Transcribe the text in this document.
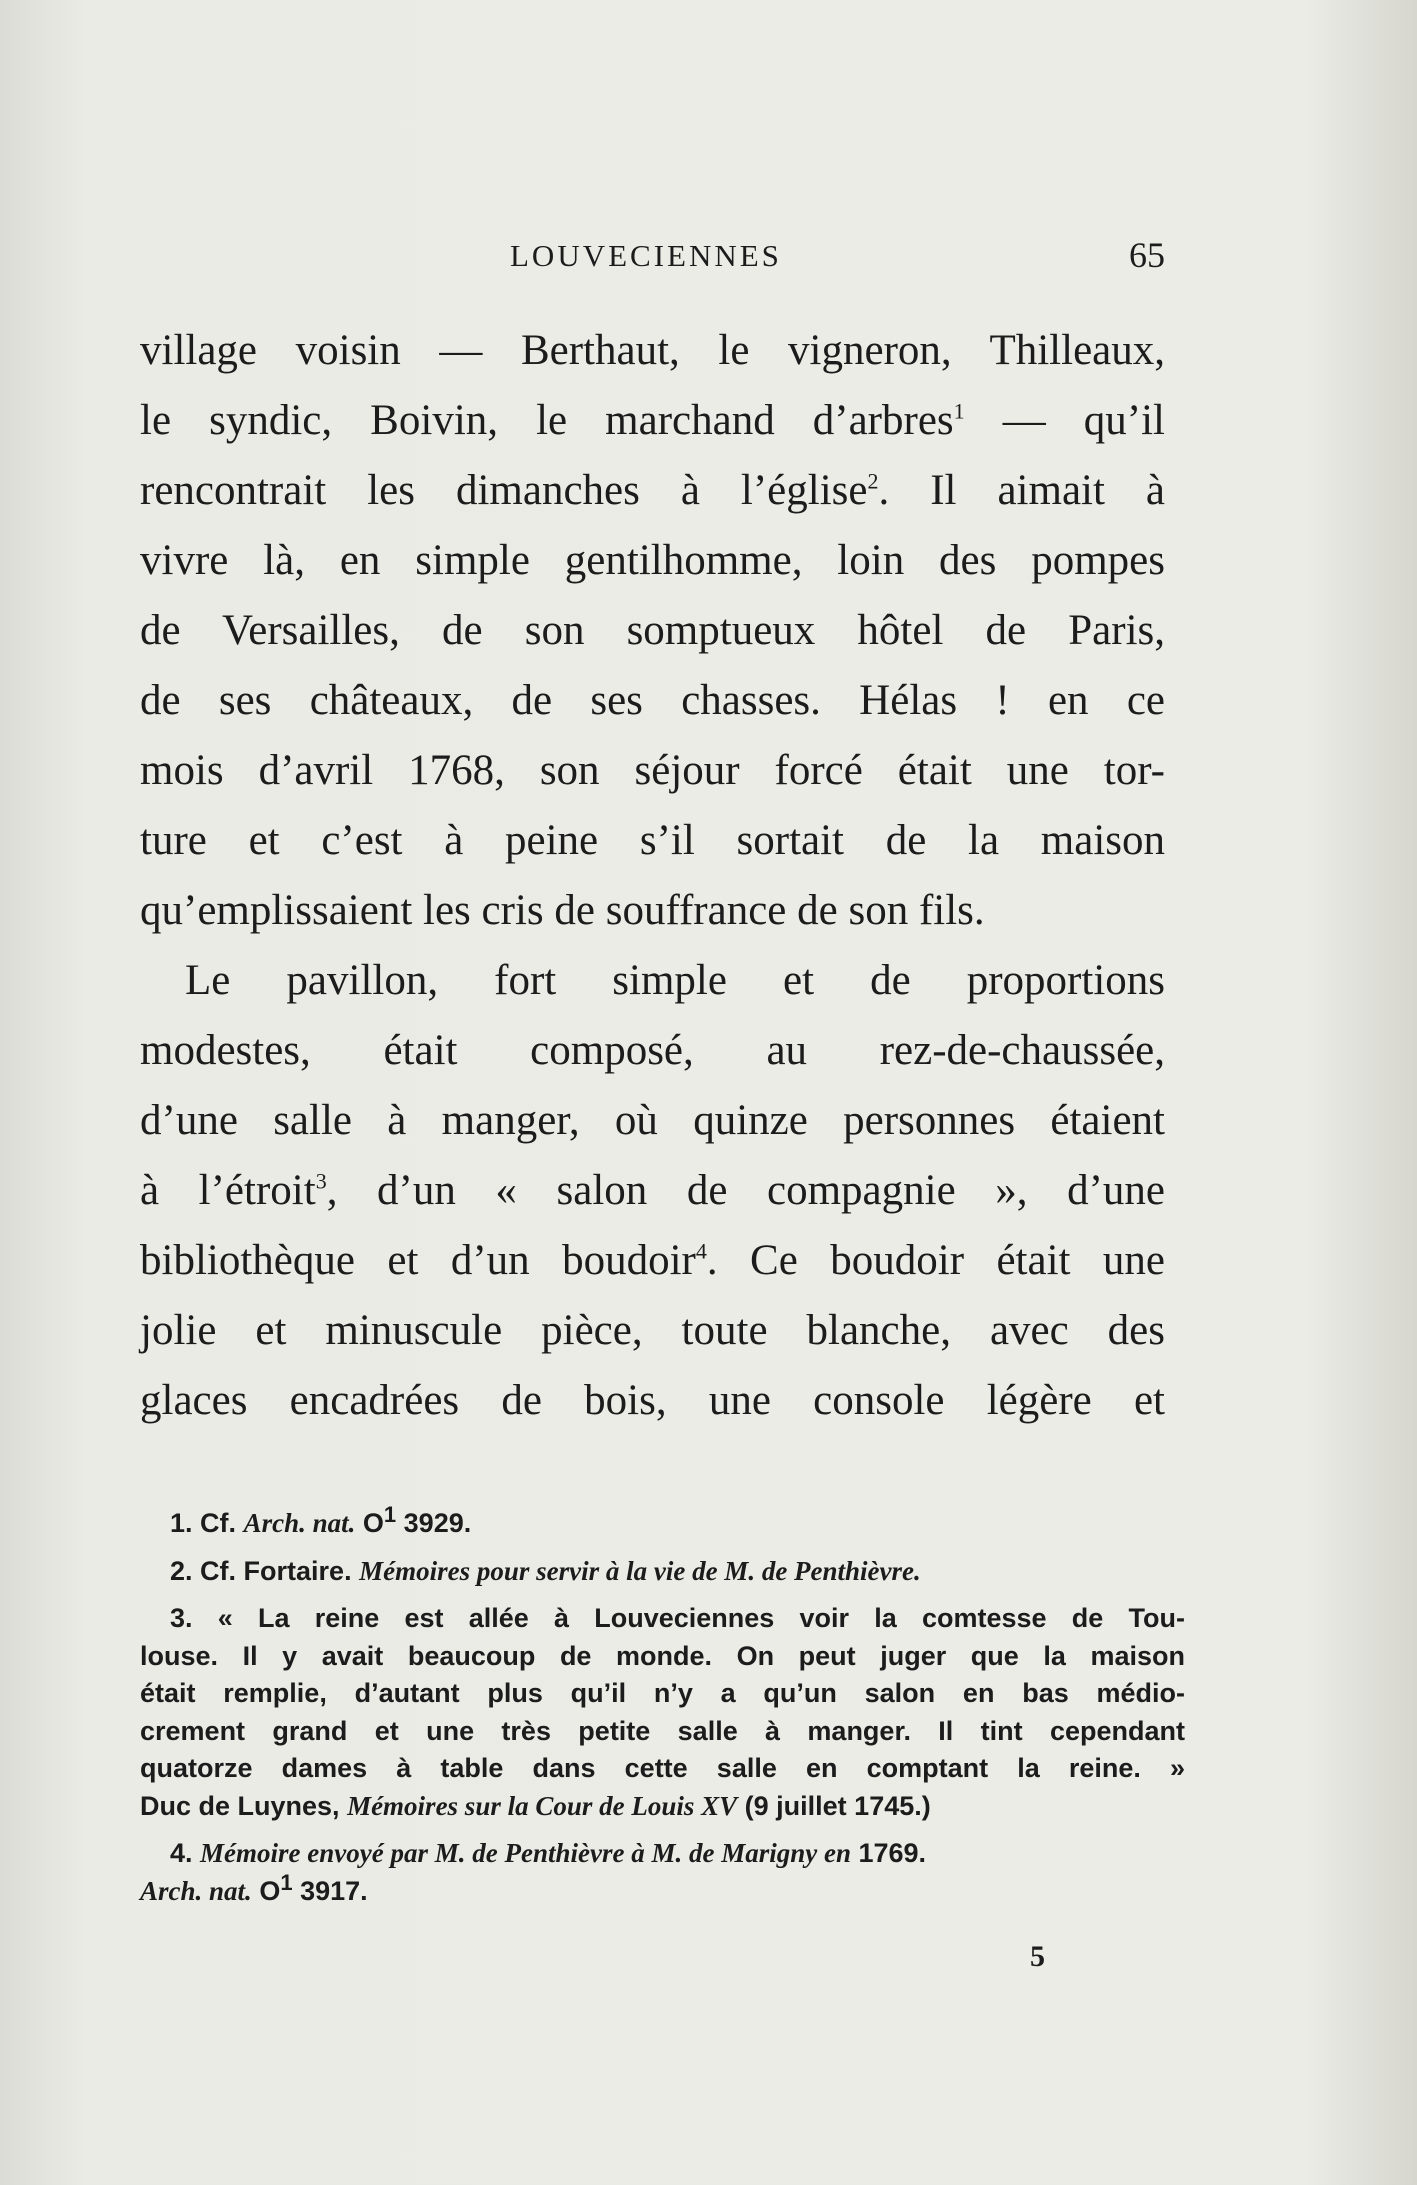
LOUVECIENNES	65
village voisin — Berthaut, le vigneron, Thilleaux,
le syndic, Boivin, le marchand d’arbres$^1$ — qu’il
rencontrait les dimanches à l’église$^2$. Il aimait à
vivre là, en simple gentilhomme, loin des pompes
de Versailles, de son somptueux hôtel de Paris,
de ses châteaux, de ses chasses. Hélas ! en ce
mois d’avril 1768, son séjour forcé était une tor-
ture et c’est à peine s’il sortait de la maison
qu’emplissaient les cris de souffrance de son fils.
Le pavillon, fort simple et de proportions
modestes, était composé, au rez-de-chaussée,
d’une salle à manger, où quinze personnes étaient
à l’étroit$^3$, d’un « salon de compagnie », d’une
bibliothèque et d’un boudoir$^4$. Ce boudoir était une
jolie et minuscule pièce, toute blanche, avec des
glaces encadrées de bois, une console légère et

1. Cf. Arch. nat. $O^1$ 3929.

2. Cf. Fortaire. Mémoires pour servir à la vie de M. de Penthièvre.

3. « La reine est allée à Louveciennes voir la comtesse de Tou-
louse. Il y avait beaucoup de monde. On peut juger que la maison
était remplie, d’autant plus qu’il n’y a qu’un salon en bas médio-
crement grand et une très petite salle à manger. Il tint cependant
quatorze dames à table dans cette salle en comptant la reine. »
Duc de Luynes, Mémoires sur la Cour de Louis XV (9 juillet 1745.)
4. Mémoire envoyé par M. de Penthièvre à M. de Marigny en 1769.
Arch. nat. $O^1$ 3917.
5
